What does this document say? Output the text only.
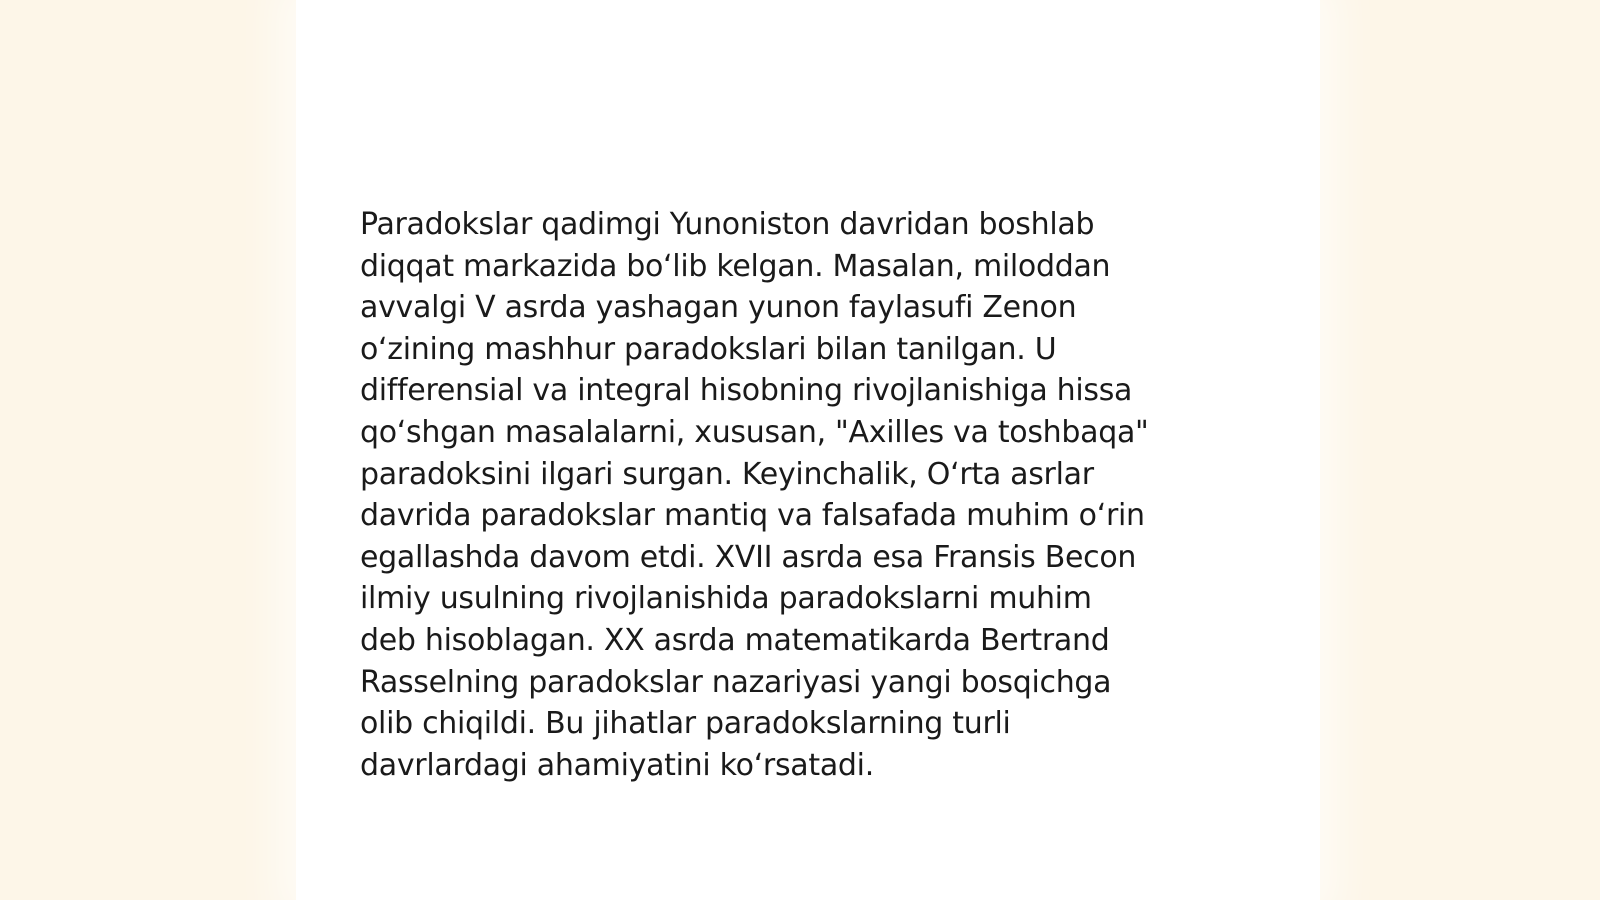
Paradokslar qadimgi Yunoniston davridan boshlab
diqqat markazida boʻlib kelgan. Masalan, miloddan
avvalgi V asrda yashagan yunon faylasufi Zenon
oʻzining mashhur paradokslari bilan tanilgan. U
differensial va integral hisobning rivojlanishiga hissa
qoʻshgan masalalarni, xususan, "Axilles va toshbaqa"
paradoksini ilgari surgan. Keyinchalik, Oʻrta asrlar
davrida paradokslar mantiq va falsafada muhim oʻrin
egallashda davom etdi. XVII asrda esa Fransis Becon
ilmiy usulning rivojlanishida paradokslarni muhim
deb hisoblagan. XX asrda matematikarda Bertrand
Rasselning paradokslar nazariyasi yangi bosqichga
olib chiqildi. Bu jihatlar paradokslarning turli
davrlardagi ahamiyatini koʻrsatadi.
